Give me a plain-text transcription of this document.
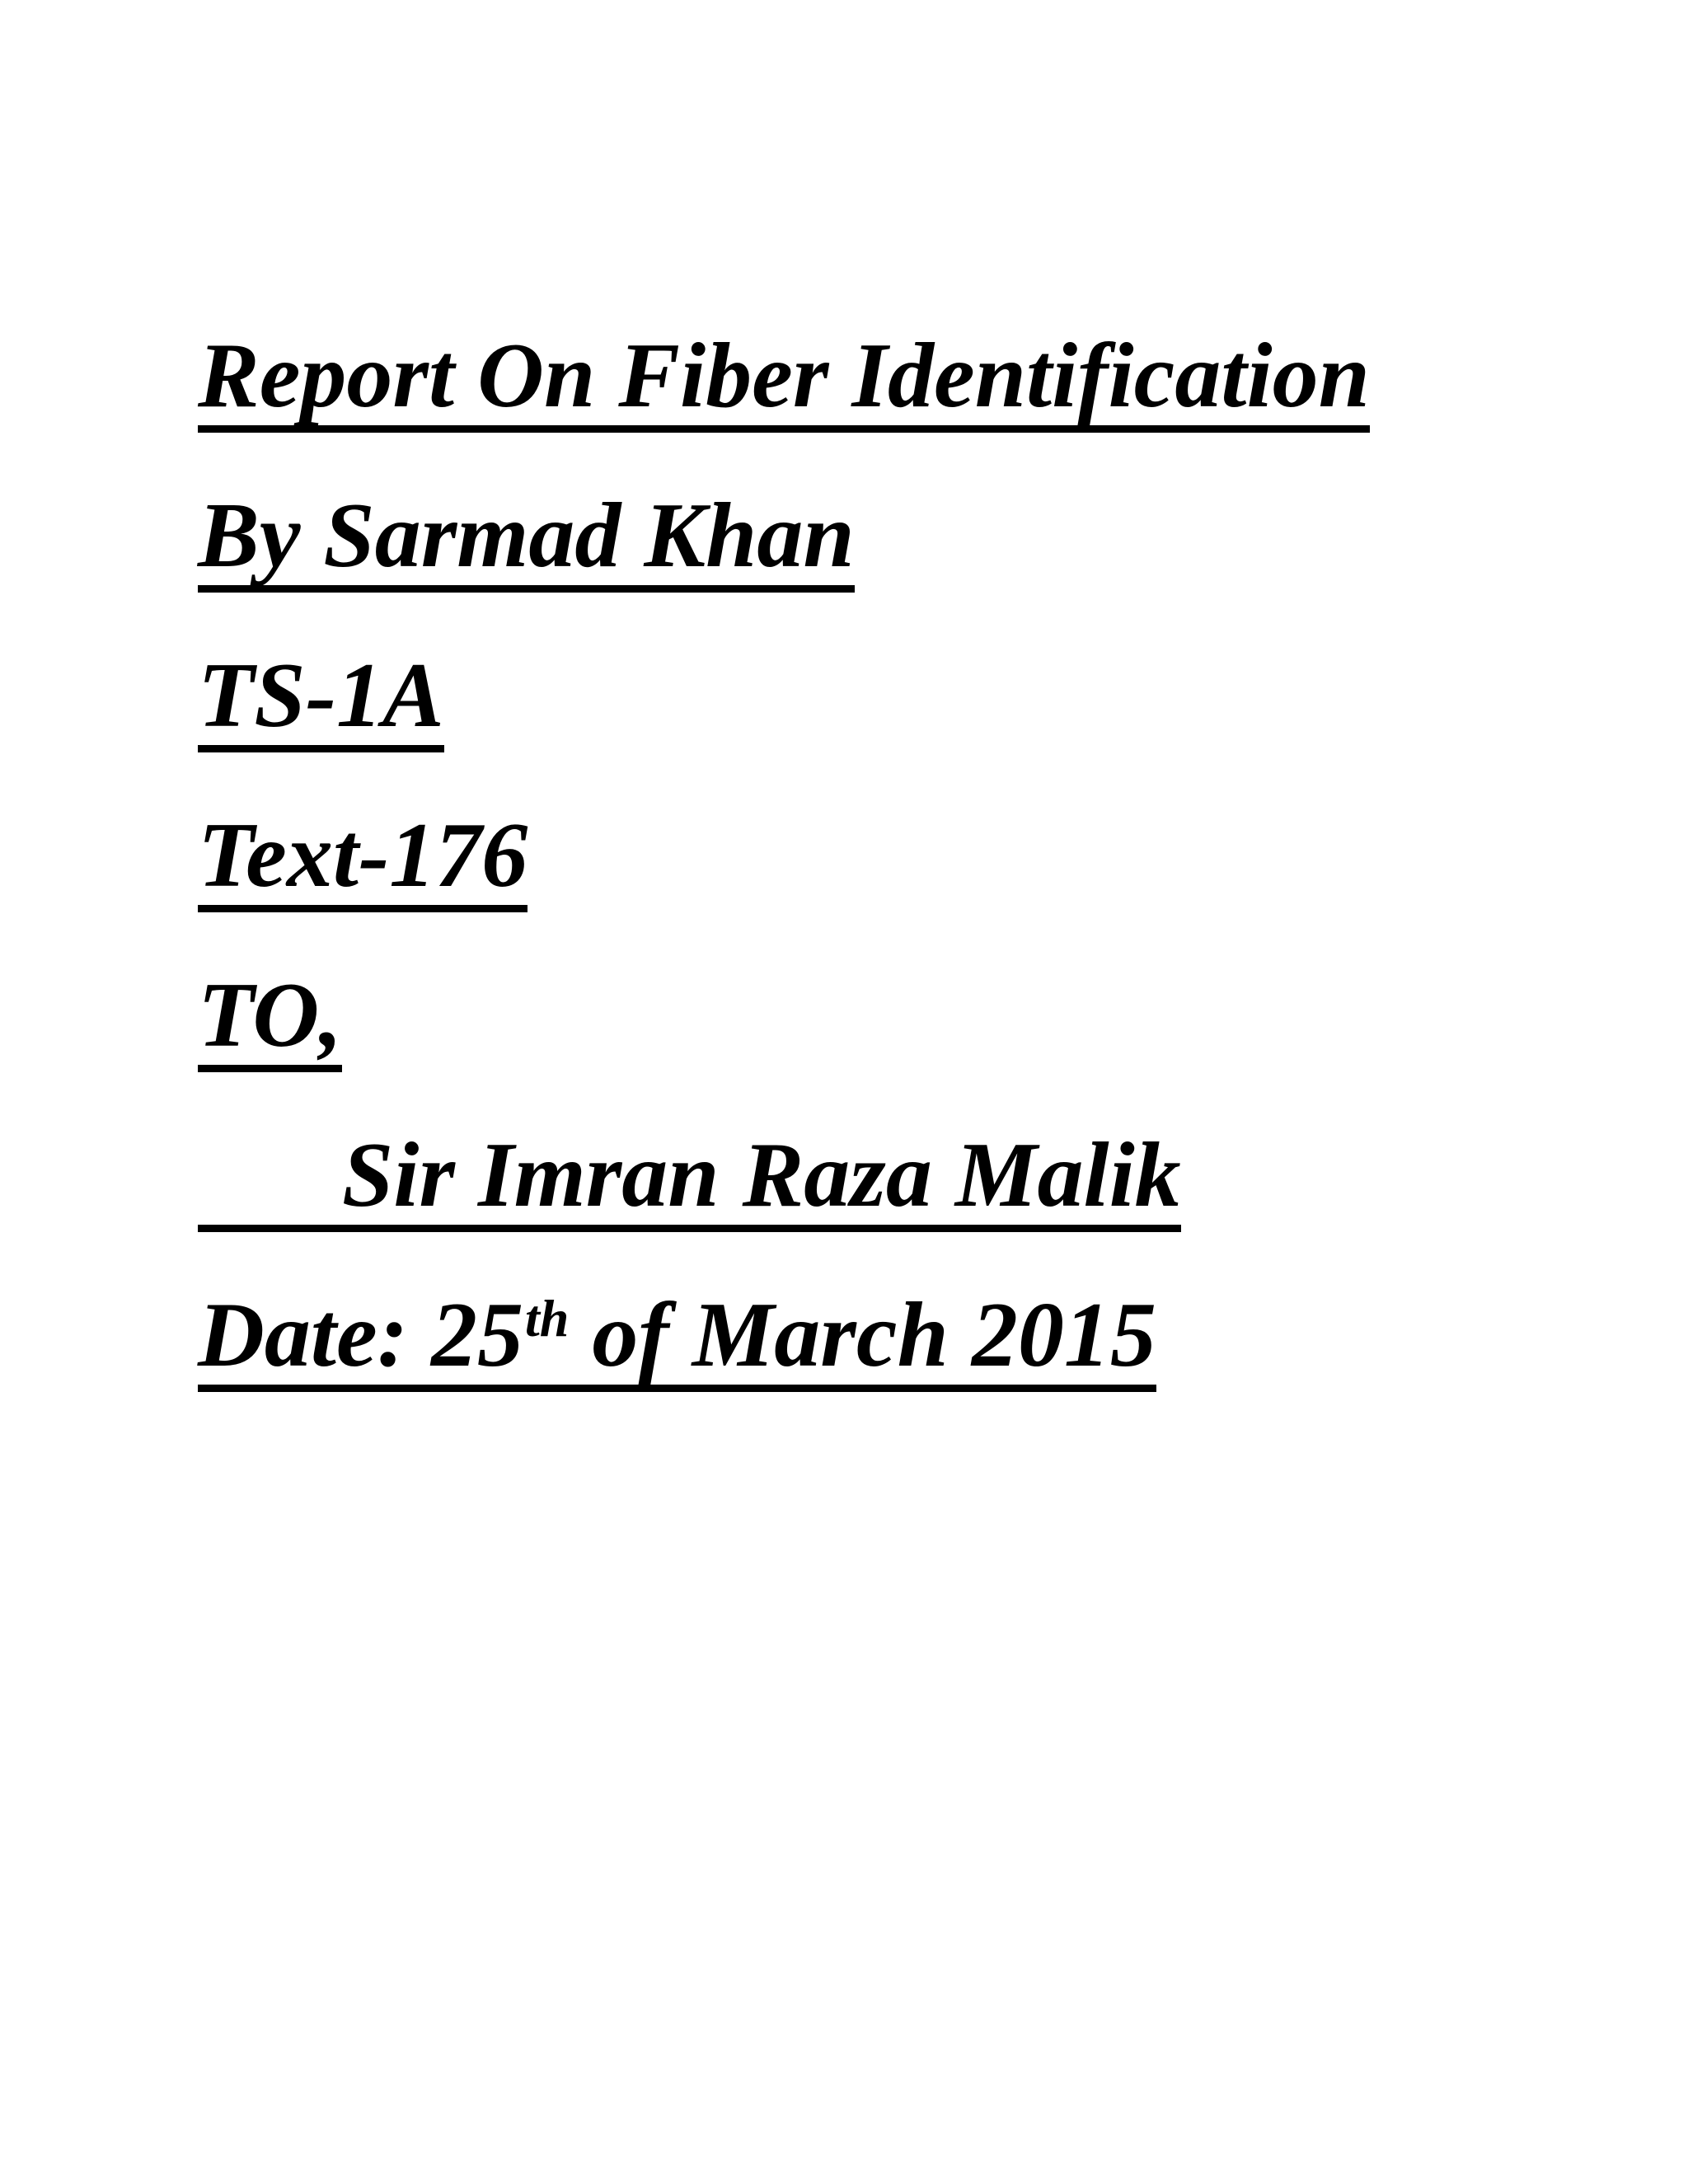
Report On Fiber Identification
By Sarmad Khan
TS-1A
Text-176
TO,
Sir Imran Raza Malik
Date: 25th of March 2015
